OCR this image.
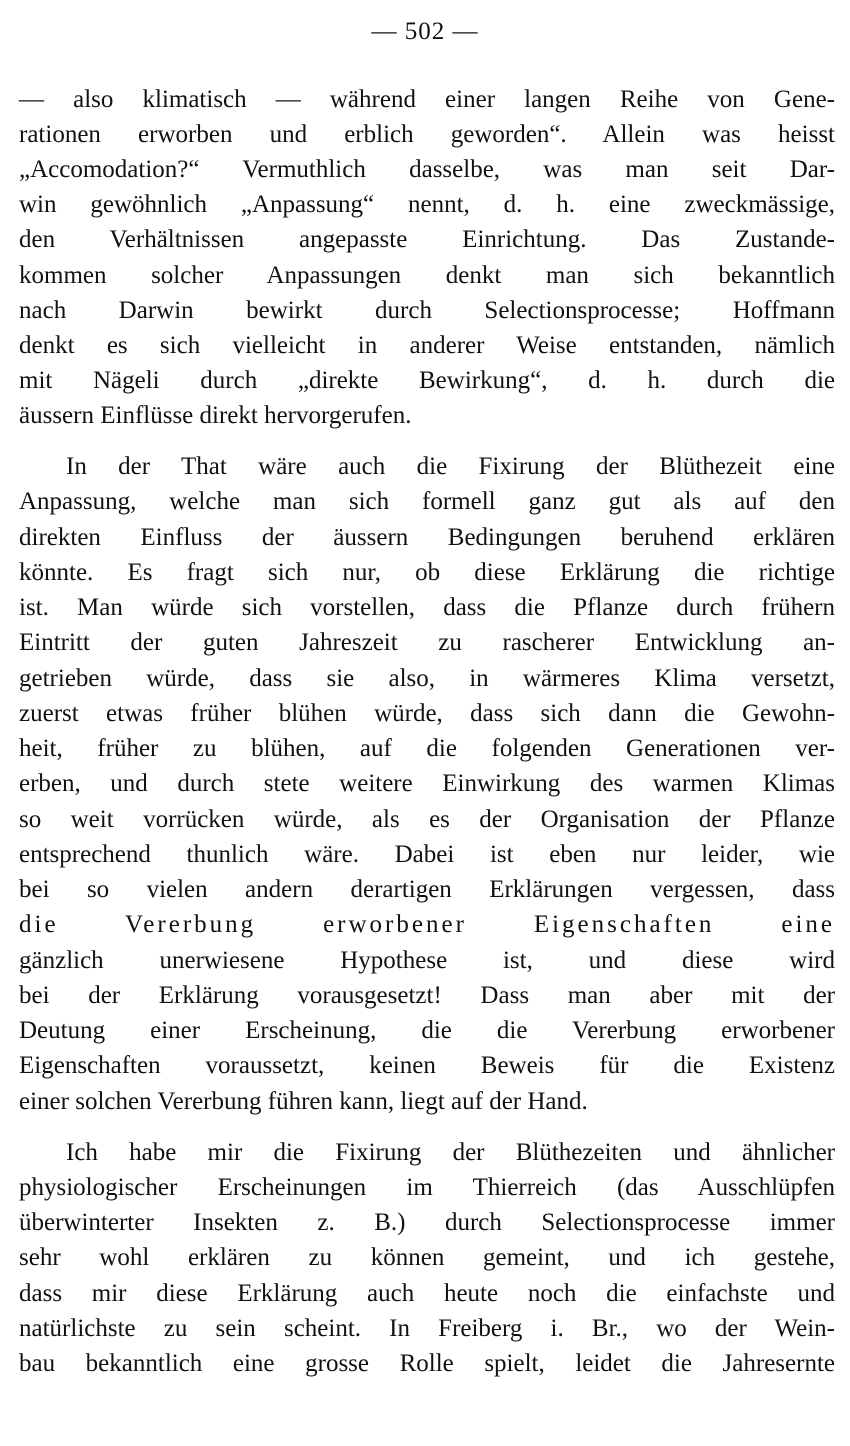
— 502 —
— also klimatisch — während einer langen Reihe von Gene-
rationen erworben und erblich geworden“. Allein was heisst
„Accomodation?“ Vermuthlich dasselbe, was man seit Dar-
win gewöhnlich „Anpassung“ nennt, d. h. eine zweckmässige,
den Verhältnissen angepasste Einrichtung. Das Zustande-
kommen solcher Anpassungen denkt man sich bekanntlich
nach Darwin bewirkt durch Selectionsprocesse; Hoffmann
denkt es sich vielleicht in anderer Weise entstanden, nämlich
mit Nägeli durch „direkte Bewirkung“, d. h. durch die
äussern Einflüsse direkt hervorgerufen.
In der That wäre auch die Fixirung der Blüthezeit eine
Anpassung, welche man sich formell ganz gut als auf den
direkten Einfluss der äussern Bedingungen beruhend erklären
könnte. Es fragt sich nur, ob diese Erklärung die richtige
ist. Man würde sich vorstellen, dass die Pflanze durch frühern
Eintritt der guten Jahreszeit zu rascherer Entwicklung an-
getrieben würde, dass sie also, in wärmeres Klima versetzt,
zuerst etwas früher blühen würde, dass sich dann die Gewohn-
heit, früher zu blühen, auf die folgenden Generationen ver-
erben, und durch stete weitere Einwirkung des warmen Klimas
so weit vorrücken würde, als es der Organisation der Pflanze
entsprechend thunlich wäre. Dabei ist eben nur leider, wie
bei so vielen andern derartigen Erklärungen vergessen, dass
die Vererbung erworbener Eigenschaften eine
gänzlich unerwiesene Hypothese ist, und diese wird
bei der Erklärung vorausgesetzt! Dass man aber mit der
Deutung einer Erscheinung, die die Vererbung erworbener
Eigenschaften voraussetzt, keinen Beweis für die Existenz
einer solchen Vererbung führen kann, liegt auf der Hand.
Ich habe mir die Fixirung der Blüthezeiten und ähnlicher
physiologischer Erscheinungen im Thierreich (das Ausschlüpfen
überwinterter Insekten z. B.) durch Selectionsprocesse immer
sehr wohl erklären zu können gemeint, und ich gestehe,
dass mir diese Erklärung auch heute noch die einfachste und
natürlichste zu sein scheint. In Freiberg i. Br., wo der Wein-
bau bekanntlich eine grosse Rolle spielt, leidet die Jahresernte
